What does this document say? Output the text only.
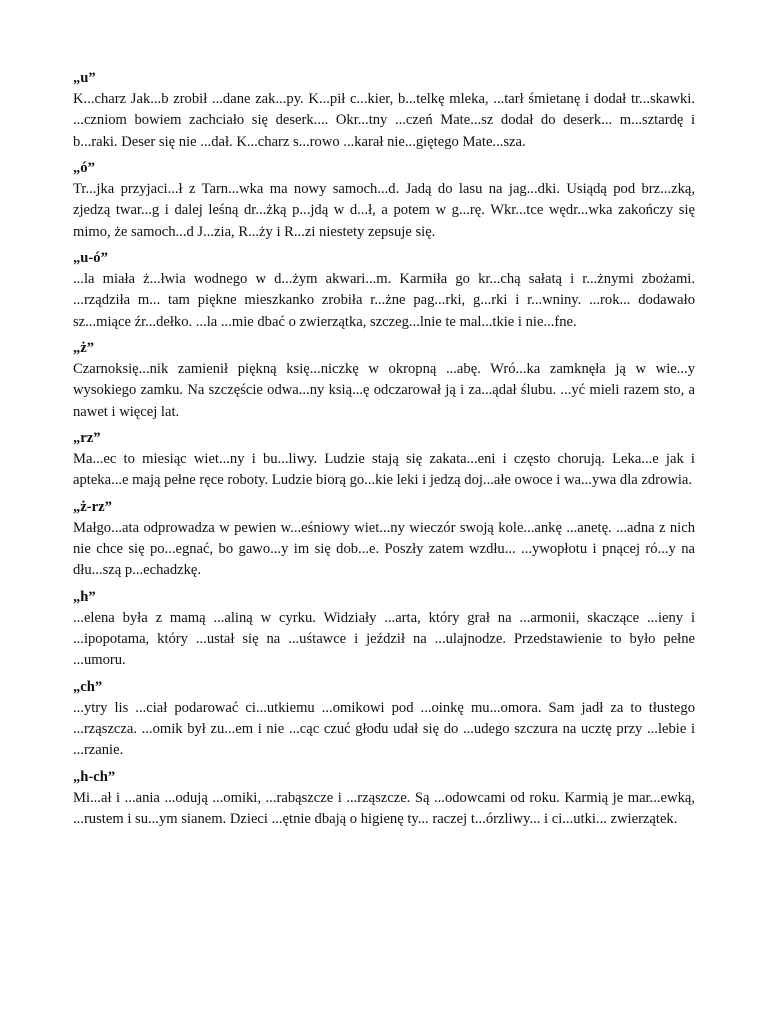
„u”
K...charz Jak...b zrobił ...dane zak...py. K...pił c...kier, b...telkę mleka, ...tarł śmietanę i dodał tr...skawki. ...czniom bowiem zachciało się deserk.... Okr...tny ...czeń Mate...sz dodał do deserk... m...sztardę i b...raki. Deser się nie ...dał. K...charz s...rowo ...karał nie...giętego Mate...sza.
„ó”
Tr...jka przyjaci...ł z Tarn...wka ma nowy samoch...d. Jadą do lasu na jag...dki. Usiądą pod brz...zką, zjedzą twar...g i dalej leśną dr...żką p...jdą w d...ł, a potem w g...rę. Wkr...tce wędr...wka zakończy się mimo, że samoch...d J...zia, R...ży i R...zi niestety zepsuje się.
„u-ó”
...la miała ż...łwia wodnego w d...żym akwari...m. Karmiła go kr...chą sałatą i r...żnymi zbożami. ...rządziła m... tam piękne mieszkanko zrobiła r...żne pag...rki, g...rki i r...wniny. ...rok... dodawało sz...miące źr...dełko. ...la ...mie dbać o zwierzątka, szczeg...lnie te mal...tkie i nie...fne.
„ż”
Czarnoksię...nik zamienił piękną księ...niczkę w okropną ...abę. Wró...ka zamknęła ją w wie...y wysokiego zamku. Na szczęście odwa...ny ksią...ę odczarował ją i za...ądał ślubu. ...yć mieli razem sto, a nawet i więcej lat.
„rz”
Ma...ec to miesiąc wiet...ny i bu...liwy. Ludzie stają się zakata...eni i często chorują. Leka...e jak i apteka...e mają pełne ręce roboty. Ludzie biorą go...kie leki i jedzą doj...ałe owoce i wa...ywa dla zdrowia.
„ż-rz”
Małgo...ata odprowadza w pewien w...eśniowy wiet...ny wieczór swoją kole...ankę ...anetę. ...adna z nich nie chce się po...egnać, bo gawo...y im się dob...e. Poszły zatem wzdłu... ...ywopłotu i pnącej ró...y na dłu...szą p...echadzkę.
„h”
...elena była z mamą ...aliną w cyrku. Widziały ...arta, który grał na ...armonii, skaczące ...ieny i ...ipopotama, który ...ustał się na ...uśtawce i jeździł na ...ulajnodze. Przedstawienie to było pełne ...umoru.
„ch”
...ytry lis ...ciał podarować ci...utkiemu ...omikowi pod ...oinkę mu...omora. Sam jadł za to tłustego ...rząszcza. ...omik był zu...em i nie ...cąc czuć głodu udał się do ...udego szczura na ucztę przy ...lebie i ...rzanie.
„h-ch”
Mi...ał i ...ania ...odują ...omiki, ...rabąszcze i ...rząszcze. Są ...odowcami od roku. Karmią je mar...ewką, ...rustem i su...ym sianem. Dzieci ...ętnie dbają o higienę ty... raczej t...órzliwy... i ci...utki... zwierzątek.
